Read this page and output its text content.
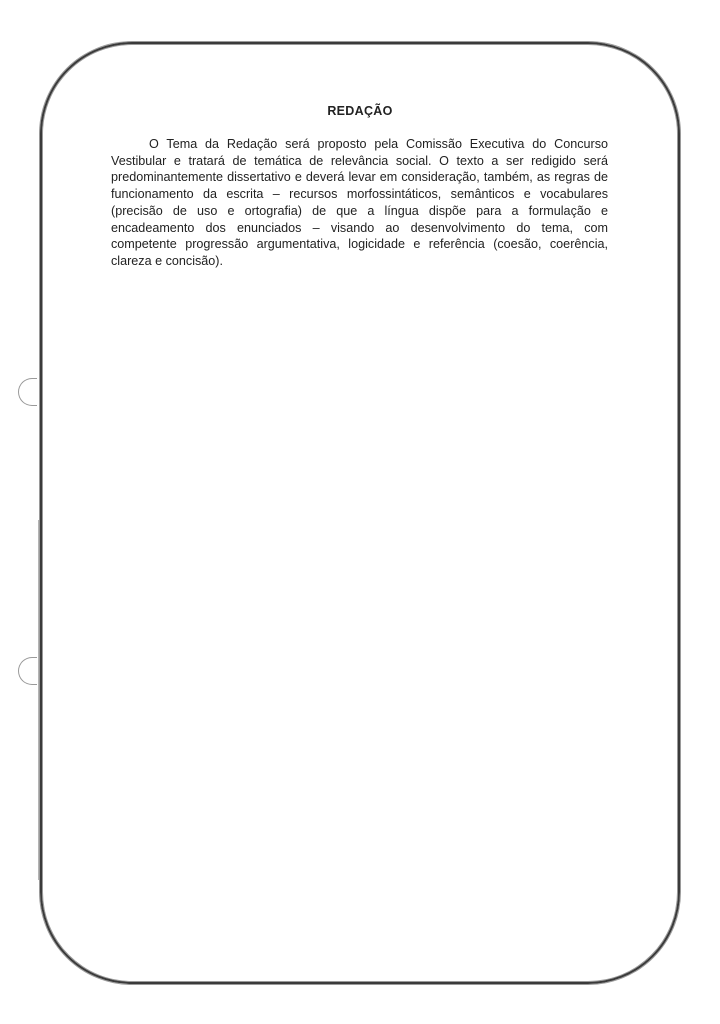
REDAÇÃO

O Tema da Redação será proposto pela Comissão Executiva do Concurso Vestibular e tratará de temática de relevância social. O texto a ser redigido será predominantemente dissertativo e deverá levar em consideração, também, as regras de funcionamento da escrita – recursos morfossintáticos, semânticos e vocabulares (precisão de uso e ortografia) de que a língua dispõe para a formulação e encadeamento dos enunciados – visando ao desenvolvimento do tema, com competente progressão argumentativa, logicidade e referência (coesão, coerência, clareza e concisão).
